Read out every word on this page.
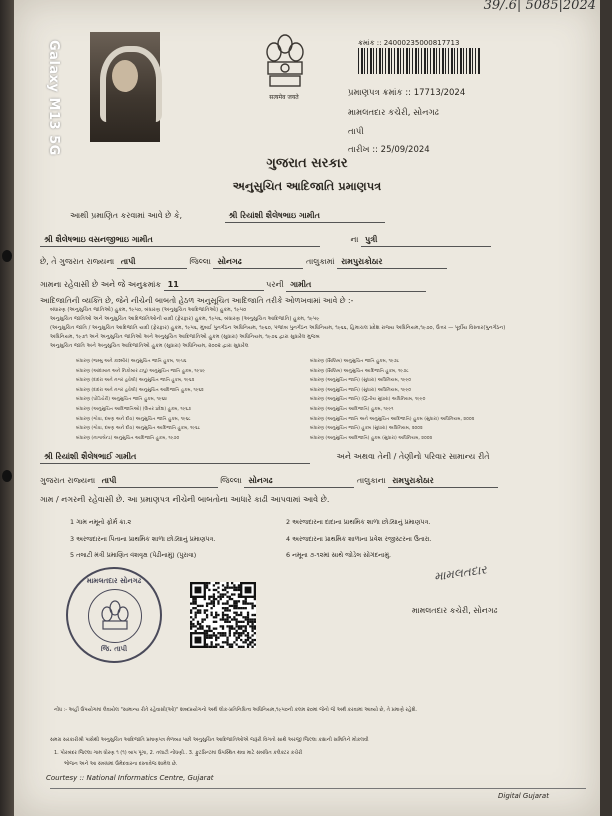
Galaxy M13 5G
39/.6| 5085|2024
सत्यमेव जयते
ક્રમાંક :: 24000235000817713
પ્રમાણપત્ર ક્રમાંક :: 17713/2024
મામલતદાર કચેરી, સોનગઢ
તાપી
તારીખ :: 25/09/2024
ગુજરાત સરકાર
અનુસુચિત આદિજાતિ પ્રમાણપત્ર
આથી પ્રમાણિત કરવામાં આવે છે કે,	શ્રી રિયાંશી શૈલેષભાઇ ગામીત
શ્રી શૈલેષભાઇ વસનજીભાઇ ગામીત	ના પુત્રી
છે, તે ગુજરાત રાજ્યના તાપી	જિલ્લા સોનગઢ	તાલુકામાં રામપુરાકોઠાર
ગામના રહેવાસી છે અને જે અનુક્રમાંક 11	પરની ગામીત
આદિજાતિની વ્યક્તિ છે, જેને નીચેની બાબતો હેઠળ અનુસૂચિત આદિજાતિ તરીકે ઓળખવામાં આવે છે :-
બંધારણ (અનુસુચિત જાતિઓ) હુકમ, ૧૯૫૦, બંધારણ (અનુસુચિત આદિજાતિઓ) હુકમ, ૧૯૫૦
અનુસુચિત જાતિઓ અને અનુસુચિત આદિજાતિઓની યાદી (ફેરફાર) હુકમ, ૧૯૫૬, બંધારણ (અનુસુચિત આદિજાતિ) હુકમ, ૧૯૫૯
(અનુસુચિત જાતિ / અનુસુચિત આદિજાતિ યાદી (ફેરફાર) હુકમ, ૧૯૫૬, મુંબઈ પુનર્ગઠન અધિનિયમ, ૧૯૬૦, પંજાબ પુનર્ગઠન અધિનિયમ, ૧૯૬૬, હિમાચલ પ્રદેશ રાજ્ય અધિનિયમ,૧૯૭૦, ઉત્તર — પૂર્વીય વિસ્તાર(પુનર્ગઠન)
અધિનિયમ, ૧૯૭૧ અને અનુસુચિત જાતિઓ અને અનુસુચિત આદિજાતિઓ હુકમ (સુધારા) અધિનિયમ, ૧૯૭૬ દ્વારા સુધારેલ મુજબ
અનુસુચિત જાતિ અને અનુસુચિત આદિજાતિઓ હુકમ (સુધારા) અધિનિયમ, ૨૦૦૨ દ્વારા સુધારેલ
બંધારણ (જમ્મુ અને કાશ્મીર) અનુસુચિત જાતિ હુકમ, ૧૯૫૬
બંધારણ (આંદામાન અને નિકોબાર ટાપુ) અનુસુચિત જાતિ હુકમ, ૧૯૫૯
બંધારણ (દાદરા અને નગર હવેલી) અનુસુચિત જાતિ હુકમ, ૧૯૬૨
બંધારણ (દાદરા અને નગર હવેલી) અનુસુચિત આદિજાતિ હુકમ, ૧૯૬૨
બંધારણ (પોંડિચેરી) અનુસુચિત જાતિ હુકમ, ૧૯૬૪
બંધારણ (અનુસુચિત આદિજાતિઓ) (ઉત્તર પ્રદેશ) હુકમ, ૧૯૬૭
બંધારણ (ગોવા, દમણ અને દીવ) અનુસુચિત જાતિ હુકમ, ૧૯૬૮
બંધારણ (ગોવા, દમણ અને દીવ) અનુસુચિત આદિજાતિ હુકમ, ૧૯૬૮
બંધારણ (નાગાલેન્ડ) અનુસુચિત આદિજાતિ હુકમ, ૧૯૭૦
બંધારણ (સિક્કિમ) અનુસુચિત જાતિ હુકમ, ૧૯૭૮
બંધારણ (સિક્કિમ) અનુસુચિત આદિજાતિ હુકમ, ૧૯૭૮
બંધારણ (અનુસુચિત જાતિ) (સુધારા) અધિનિયમ, ૧૯૯૦
બંધારણ (અનુસુચિત જાતિ) (સુધારા) અધિનિયમ, ૧૯૯૦
બંધારણ (અનુસુચિત જાતિ) (દ્વિતીય સુધારા) અધિનિયમ, ૧૯૯૦
બંધારણ (અનુસુચિત આદિજાતિ) હુકમ, ૧૯૯૧
બંધારણ (અનુસુચિત જાતિ અને અનુસુચિત આદિજાતિ) હુકમ (સુધારા) અધિનિયમ, ૨૦૦૨
બંધારણ (અનુસુચિત જાતિ) હુકમ (સુધારા) અધિનિયમ, ૨૦૦૨
બંધારણ (અનુસુચિત આદિજાતિ) હુકમ (સુધારા) અધિનિયમ, ૨૦૦૨
શ્રી રિયાંશી શૈલેષભાઈ ગામીત	અને અથવા તેની / તેણીનો પરિવાર સામાન્ય રીતે
ગુજરાત રાજ્યના તાપી	જિલ્લા સોનગઢ	તાલુકાના રામપુરાકોઠાર
ગામ / નગરની રહેવાસી છે. આ પ્રમાણપત્ર નીચેની બાબતોના આધારે કાઢી આપવામાં આવે છે.
1 ગામ નમૂનો ફોર્મ ક્રા.૨
3 અરજદારના પિતાના પ્રાથમિક શાળા છોડ્યાનું પ્રમાણપત્ર.
5 તલાટી મંત્રી પ્રમાણિત વંશવૃક્ષ (પેઢીનામું) (પુરાવા)
2 અરજદારના દાદાના પ્રાથમિક શાળા છોડ્યાનું પ્રમાણપત્ર.
4 અરજદારના પ્રાથમિક શાળાના પ્રવેશ રજીસ્ટરના ઉતારા.
6 નમૂના ૭-૧૨માં સાથે જોડેલ સોગંદનામું.
મામલતદાર સોનગઢ
જિ. તાપી
મામલતદાર
મામલતદાર કચેરી, સોનગઢ
નોંધ :- અહીં ઉપયોગમાં લેવાયેલ "સામાન્ય રીતે રહેવાસી(ઓ)" શબ્દપ્રયોગનો અર્થ લોક-પ્રતિનિધિત્વ અધિનિયમ,૧૯૫૦ની કલમ ૨૦માં જેનો જે અર્થ કરવામાં આવ્યો છે, તે પ્રમાણે રહેશે.
સમગ્ર સરકારીશ્રી પાસેથી અનુસુચિત આદિજાતિ પ્રમાણપત્ર મેળવ્યા પછી અનુસુચિત આદિજાતિઓએ જરૂરી વિગતો સાથે અરજી જિલ્લા કક્ષાની સમિતિને મોકલવી
1. પોરબંદર જિલ્લા ગામ ધોરણ ૧ (૧) બાપ પૂંગા, 2. તલાટી નોંધણી.. 3. ફુટપ્રિન્ટમાં ઉપસ્થિત થવા માટે સંબંધિત કલેક્ટર કચેરી
ભોજન અને આ સંબંધમાં ઉમેદવારના દસ્તાવેજ શામેલ છે.
Courtesy :: National Informatics Centre, Gujarat
Digital Gujarat
